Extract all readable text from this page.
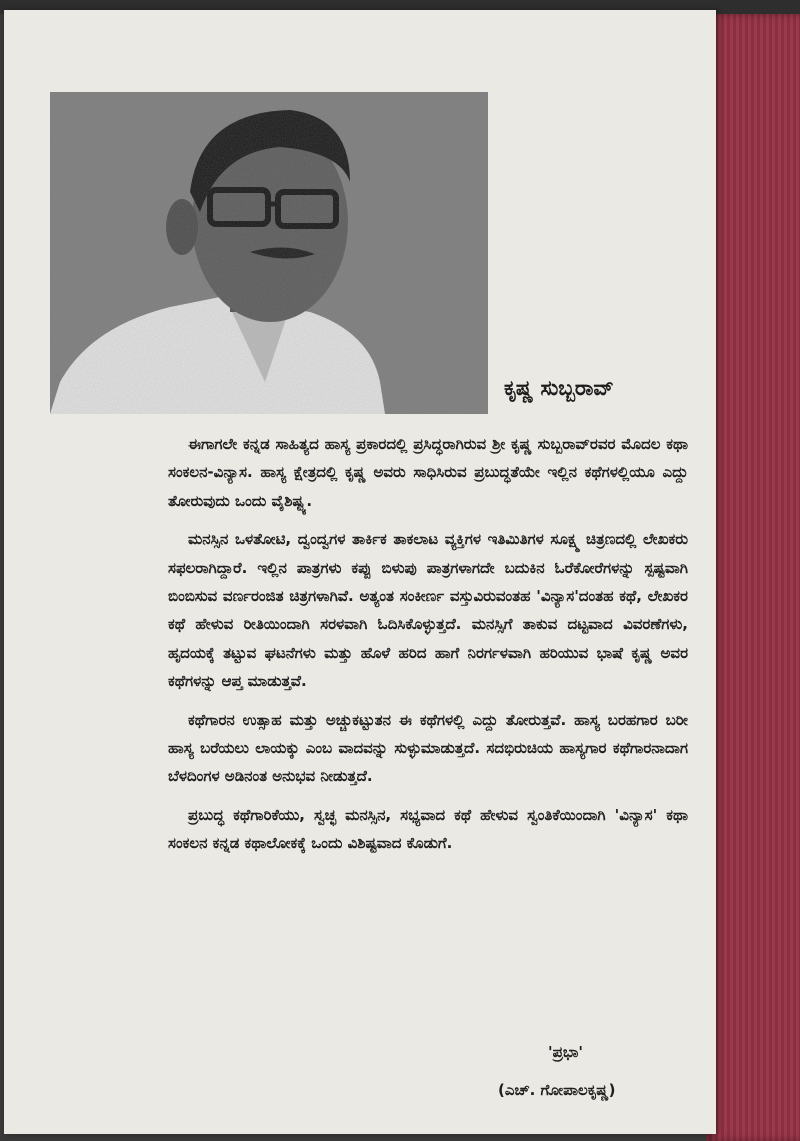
ಕೃಷ್ಣ ಸುಬ್ಬರಾವ್

ಈಗಾಗಲೇ ಕನ್ನಡ ಸಾಹಿತ್ಯದ ಹಾಸ್ಯ ಪ್ರಕಾರದಲ್ಲಿ ಪ್ರಸಿದ್ಧರಾಗಿರುವ ಶ್ರೀ ಕೃಷ್ಣ ಸುಬ್ಬರಾವ್‌ರವರ ಮೊದಲ ಕಥಾ ಸಂಕಲನ-ವಿನ್ಯಾಸ. ಹಾಸ್ಯ ಕ್ಷೇತ್ರದಲ್ಲಿ ಕೃಷ್ಣ ಅವರು ಸಾಧಿಸಿರುವ ಪ್ರಬುದ್ಧತೆಯೇ ಇಲ್ಲಿನ ಕಥೆಗಳಲ್ಲಿಯೂ ಎದ್ದು ತೋರುವುದು ಒಂದು ವೈಶಿಷ್ಟ್ಯ.

ಮನಸ್ಸಿನ ಒಳತೋಟಿ, ದ್ವಂದ್ವಗಳ ತಾರ್ಕಿಕ ತಾಕಲಾಟ ವ್ಯಕ್ತಿಗಳ ಇತಿಮಿತಿಗಳ ಸೂಕ್ಷ್ಮ ಚಿತ್ರಣದಲ್ಲಿ ಲೇಖಕರು ಸಫಲರಾಗಿದ್ದಾರೆ. ಇಲ್ಲಿನ ಪಾತ್ರಗಳು ಕಪ್ಪು ಬಿಳುಪು ಪಾತ್ರಗಳಾಗದೇ ಬದುಕಿನ ಓರೆಕೋರೆಗಳನ್ನು ಸ್ಪಷ್ಟವಾಗಿ ಬಿಂಬಿಸುವ ವರ್ಣರಂಜಿತ ಚಿತ್ರಗಳಾಗಿವೆ. ಅತ್ಯಂತ ಸಂಕೀರ್ಣ ವಸ್ತುವಿರುವಂತಹ 'ವಿನ್ಯಾಸ'ದಂತಹ ಕಥೆ, ಲೇಖಕರ ಕಥೆ ಹೇಳುವ ರೀತಿಯಿಂದಾಗಿ ಸರಳವಾಗಿ ಓದಿಸಿಕೊಳ್ಳುತ್ತದೆ. ಮನಸ್ಸಿಗೆ ತಾಕುವ ದಟ್ಟವಾದ ವಿವರಣೆಗಳು, ಹೃದಯಕ್ಕೆ ತಟ್ಟುವ ಘಟನೆಗಳು ಮತ್ತು ಹೊಳೆ ಹರಿದ ಹಾಗೆ ನಿರರ್ಗಳವಾಗಿ ಹರಿಯುವ ಭಾಷೆ ಕೃಷ್ಣ ಅವರ ಕಥೆಗಳನ್ನು ಆಪ್ತ ಮಾಡುತ್ತವೆ.

ಕಥೆಗಾರನ ಉತ್ಸಾಹ ಮತ್ತು ಅಚ್ಚುಕಟ್ಟುತನ ಈ ಕಥೆಗಳಲ್ಲಿ ಎದ್ದು ತೋರುತ್ತವೆ. ಹಾಸ್ಯ ಬರಹಗಾರ ಬರೀ ಹಾಸ್ಯ ಬರೆಯಲು ಲಾಯಕ್ಕು ಎಂಬ ವಾದವನ್ನು ಸುಳ್ಳುಮಾಡುತ್ತದೆ. ಸದಭಿರುಚಿಯ ಹಾಸ್ಯಗಾರ ಕಥೆಗಾರನಾದಾಗ ಬೆಳದಿಂಗಳ ಅಡಿನಂತ ಅನುಭವ ನೀಡುತ್ತದೆ.

ಪ್ರಬುದ್ಧ ಕಥೆಗಾರಿಕೆಯು, ಸ್ವಚ್ಛ ಮನಸ್ಸಿನ, ಸಭ್ಯವಾದ ಕಥೆ ಹೇಳುವ ಸ್ವಂತಿಕೆಯಿಂದಾಗಿ 'ವಿನ್ಯಾಸ' ಕಥಾ ಸಂಕಲನ ಕನ್ನಡ ಕಥಾಲೋಕಕ್ಕೆ ಒಂದು ವಿಶಿಷ್ಟವಾದ ಕೊಡುಗೆ.

'ಪ್ರಭಾ'
(ಎಚ್. ಗೋಪಾಲಕೃಷ್ಣ)
